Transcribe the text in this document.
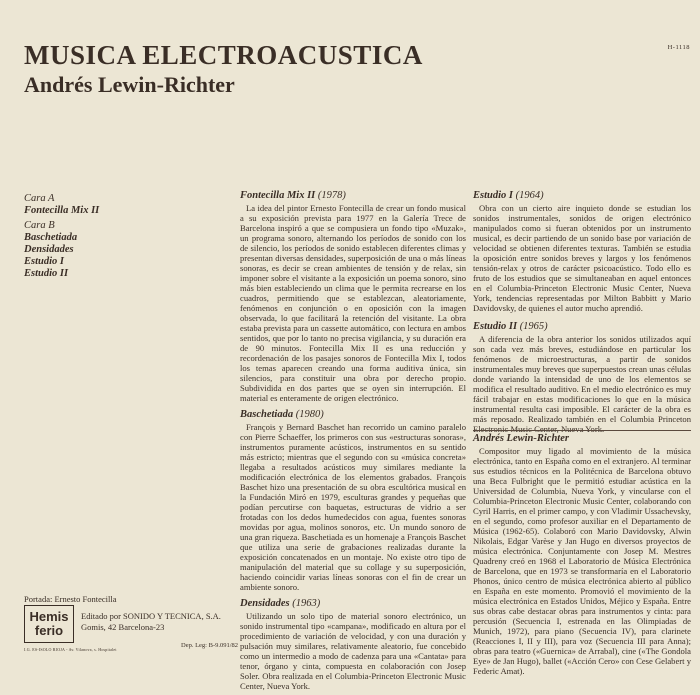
H-1118
MUSICA ELECTROACUSTICA
Andrés Lewin-Richter
Cara A
Fontecilla Mix II
Cara B
Baschetiada
Densidades
Estudio I
Estudio II
Fontecilla Mix II (1978)

La idea del pintor Ernesto Fontecilla de crear un fondo musical a su exposición prevista para 1977 en la Galería Trece de Barcelona inspiró a que se compusiera un fondo tipo «Muzak», un programa sonoro, alternando los períodos de sonido con los de silencio, los períodos de sonido establecen diferentes climas y presentan diversas densidades, superposición de una o más líneas sonoras, es decir se crean ambientes de tensión y de relax, sin imponer sobre el visitante a la exposición un poema sonoro, sino más bien estableciendo un clima que le permita recrearse en los cuadros, permitiendo que se establezcan, aleatoriamente, fenómenos en conjunción o en oposición con la imagen observada, lo que facilitará la retención del visitante. La obra estaba prevista para un cassette automático, con lectura en ambos sentidos, que por lo tanto no precisa vigilancia, y su duración era de 90 minutos. Fontecilla Mix II es una reducción y recordenación de los pasajes sonoros de Fontecilla Mix I, todos los temas aparecen creando una forma auditiva única, sin silencios, para constituir una obra por derecho propio. Subdividida en dos partes que se oyen sin interrupción. El material es enteramente de origen electrónico.

Baschetiada (1980)

François y Bernard Baschet han recorrido un camino paralelo con Pierre Schaeffer, los primeros con sus «estructuras sonoras», instrumentos puramente acústicos, instrumentos en su sentido más estricto; mientras que el segundo con su «música concreta» llegaba a resultados acústicos muy similares mediante la modificación electrónica de los elementos grabados. François Baschet hizo una presentación de su obra escultórica musical en la Fundación Miró en 1979, esculturas grandes y pequeñas que podían percutirse con baquetas, estructuras de vidrio a ser frotadas con los dedos humedecidos con agua, fuentes sonoras movidas por agua, molinos sonoros, etc. Un mundo sonoro de una gran riqueza. Baschetiada es un homenaje a François Baschet que utiliza una serie de grabaciones realizadas durante la exposición concatenados en un montaje. No existe otro tipo de manipulación del material que su collage y su superposición, haciendo coincidir varias líneas sonoras con el fin de crear un ambiente sonoro.

Densidades (1963)

Utilizando un solo tipo de material sonoro electrónico, un sonido instrumental tipo «campana», modificado en altura por el procedimiento de variación de velocidad, y con una duración y pulsación muy similares, relativamente aleatorio, fue concebido como un intermedio a modo de cadenza para una «Cantata» para tenor, órgano y cinta, compuesta en colaboración con Josep Soler. Obra realizada en el Columbia-Princeton Electronic Music Center, Nueva York.

Estudio I (1964)

Obra con un cierto aire inquieto donde se estudian los sonidos instrumentales, sonidos de origen electrónico manipulados como si fueran obtenidos por un instrumento musical, es decir partiendo de un sonido base por variación de velocidad se obtienen diferentes texturas. También se estudia la oposición entre sonidos breves y largos y los fenómenos tensión-relax y otros de carácter psicoacústico. Todo ello es fruto de los estudios que se simultaneaban en aquel entonces en el Columbia-Princeton Electronic Music Center, Nueva York, tendencias representadas por Milton Babbitt y Mario Davidovsky, de quienes el autor mucho aprendió.

Estudio II (1965)

A diferencia de la obra anterior los sonidos utilizados aquí son cada vez más breves, estudiándose en particular los fenómenos de microestructuras, a partir de sonidos instrumentales muy breves que superpuestos crean unas células donde variando la intensidad de uno de los elementos se modifica el resultado auditivo. En el medio electrónico es muy fácil trabajar en estas modificaciones lo que en la música instrumental resulta casi imposible. El carácter de la obra es más reposado. Realizado también en el Columbia Princeton Electronic Music Center, Nueva York.

Andrés Lewin-Richter

Compositor muy ligado al movimiento de la música electrónica, tanto en España como en el extranjero. Al terminar sus estudios técnicos en la Politécnica de Barcelona obtuvo una Beca Fulbright que le permitió estudiar acústica en la Universidad de Columbia, Nueva York, y vincularse con el Columbia-Princeton Electronic Music Center, colaborando con Cyril Harris, en el primer campo, y con Vladimir Ussachevsky, en el segundo, como profesor auxiliar en el Departamento de Música (1962-65). Colaboró con Mario Davidovsky, Alwin Nikolais, Edgar Varèse y Jan Hugo en diversos proyectos de música electrónica. Conjuntamente con Josep M. Mestres Quadreny creó en 1968 el Laboratorio de Música Electrónica de Barcelona, que en 1973 se transformaría en el Laboratorio Phonos, único centro de música electrónica abierto al público en España en este momento. Promovió el movimiento de la música electrónica en Estados Unidos, Méjico y España. Entre sus obras cabe destacar obras para instrumentos y cinta: para percusión (Secuencia I, estrenada en las Olimpiadas de Munich, 1972), para piano (Secuencia IV), para clarinete (Reacciones I, II y III), para voz (Secuencia III para Anna); obras para teatro («Guernica» de Arrabal), cine («The Gondola Eye» de Jan Hugo), ballet («Acción Cero» con Cese Gelabert y Federic Amat).

Portada: Ernesto Fontecilla
Hemis
ferio
Editado por SONIDO Y TECNICA, S.A.
Gomis, 42 Barcelona-23
Dep. Leg: B-9.091/82
I.G. ES-ISOLO RIOJA - Av. Vilanova, s. Hospitalet
